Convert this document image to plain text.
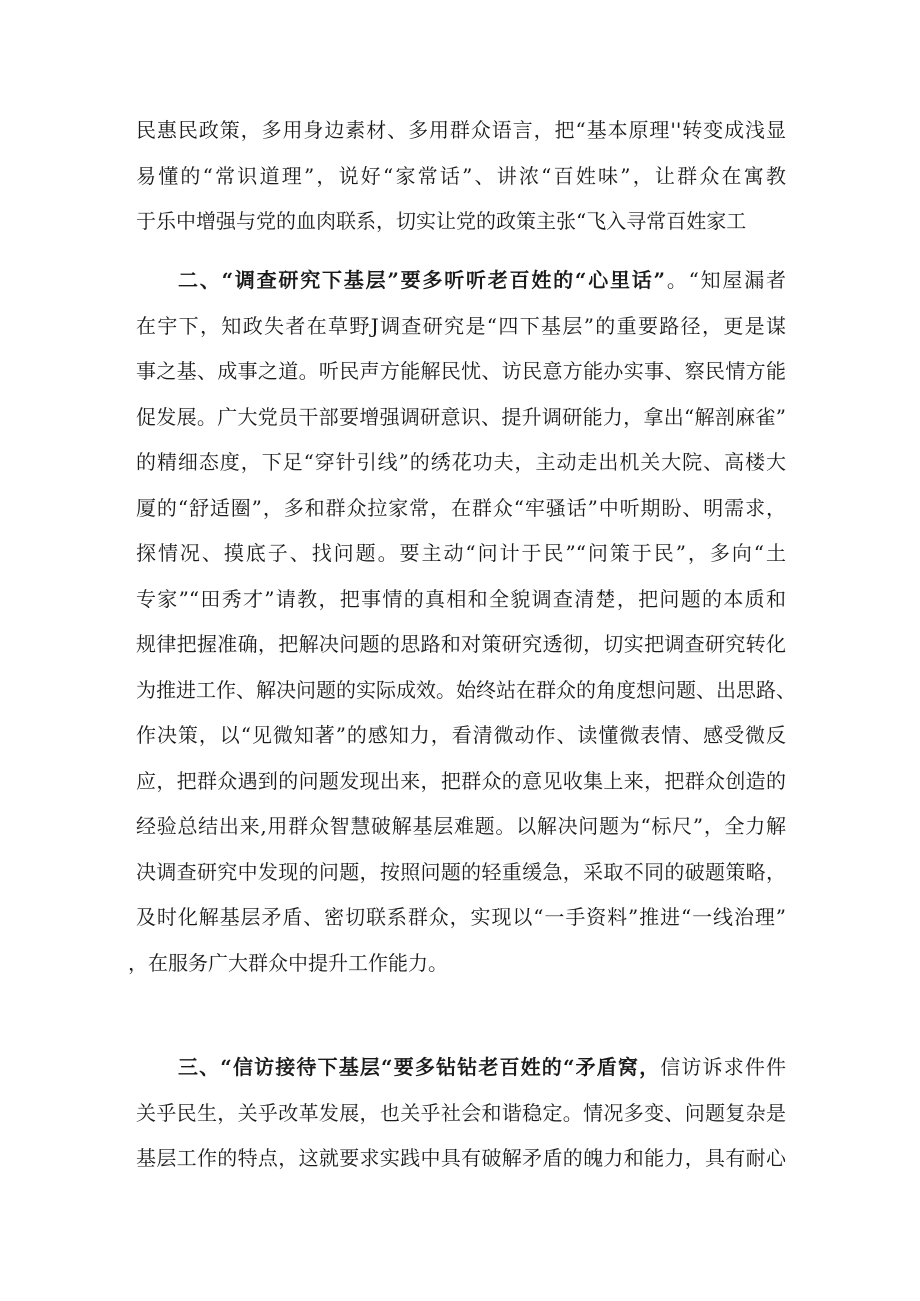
民惠民政策，多用身边素材、多用群众语言，把“基本原理''转变成浅显
易懂的“常识道理”，说好“家常话”、讲浓“百姓味”，让群众在寓教
于乐中增强与党的血肉联系，切实让党的政策主张“飞入寻常百姓家工
二、“调查研究下基层”要多听听老百姓的“心里话”。“知屋漏者
在宇下，知政失者在草野J调查研究是“四下基层”的重要路径，更是谋
事之基、成事之道。听民声方能解民忧、访民意方能办实事、察民情方能
促发展。广大党员干部要增强调研意识、提升调研能力，拿出“解剖麻雀”
的精细态度，下足“穿针引线”的绣花功夫，主动走出机关大院、高楼大
厦的“舒适圈”，多和群众拉家常，在群众“牢骚话”中听期盼、明需求，
探情况、摸底子、找问题。要主动“问计于民”“问策于民”，多向“土
专家”“田秀才”请教，把事情的真相和全貌调查清楚，把问题的本质和
规律把握准确，把解决问题的思路和对策研究透彻，切实把调查研究转化
为推进工作、解决问题的实际成效。始终站在群众的角度想问题、出思路、
作决策，以“见微知著”的感知力，看清微动作、读懂微表情、感受微反
应，把群众遇到的问题发现出来，把群众的意见收集上来，把群众创造的
经验总结出来,用群众智慧破解基层难题。以解决问题为“标尺”，全力解
决调查研究中发现的问题，按照问题的轻重缓急，采取不同的破题策略，
及时化解基层矛盾、密切联系群众，实现以“一手资料”推进“一线治理”
，在服务广大群众中提升工作能力。
三、“信访接待下基层“要多钻钻老百姓的“矛盾窝，信访诉求件件
关乎民生，关乎改革发展，也关乎社会和谐稳定。情况多变、问题复杂是
基层工作的特点，这就要求实践中具有破解矛盾的魄力和能力，具有耐心
